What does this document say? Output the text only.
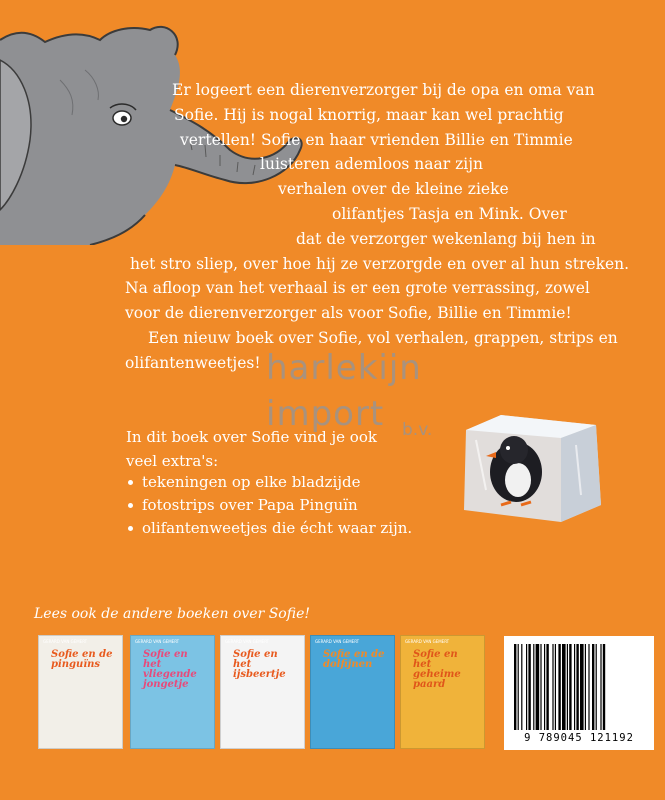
Er logeert een dierenverzorger bij de opa en oma van
Sofie. Hij is nogal knorrig, maar kan wel prachtig
vertellen! Sofie en haar vrienden Billie en Timmie
luisteren ademloos naar zijn
verhalen over de kleine zieke
olifantjes Tasja en Mink. Over
dat de verzorger wekenlang bij hen in
het stro sliep, over hoe hij ze verzorgde en over al hun streken.
Na afloop van het verhaal is er een grote verrassing, zowel
voor de dierenverzorger als voor Sofie, Billie en Timmie!

Een nieuw boek over Sofie, vol verhalen, grappen, strips en
olifantenweetjes!

In dit boek over Sofie vind je ook
veel extra's:
tekeningen op elke bladzijde
fotostrips over Papa Pinguïn
olifantenweetjes die écht waar zijn.
harlekijn
import b.v.
Lees ook de andere boeken over Sofie!
GERARD VAN GEMERT
Sofie en de pinguïns
GERARD VAN GEMERT
Sofie en het vliegende jongetje
GERARD VAN GEMERT
Sofie en het ijsbeertje
GERARD VAN GEMERT
Sofie en de dolfijnen
GERARD VAN GEMERT
Sofie en het geheime paard
9 789045 121192
